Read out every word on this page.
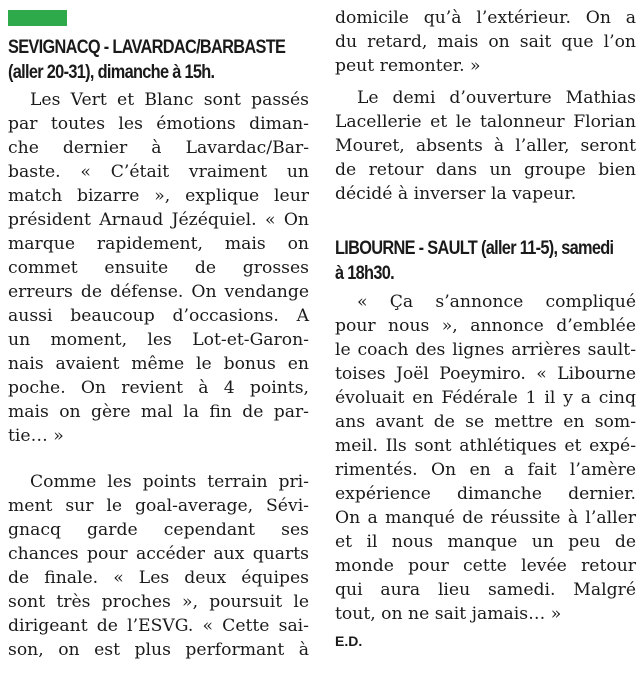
SEVIGNACQ - LAVARDAC/BARBASTE
(aller 20-31), dimanche à 15h.
Les Vert et Blanc sont passés
par toutes les émotions diman-
che dernier à Lavardac/Bar-
baste. « C’était vraiment un
match bizarre », explique leur
président Arnaud Jézéquiel. « On
marque rapidement, mais on
commet ensuite de grosses
erreurs de défense. On vendange
aussi beaucoup d’occasions. A
un moment, les Lot-et-Garon-
nais avaient même le bonus en
poche. On revient à 4 points,
mais on gère mal la fin de par-
tie… »
Comme les points terrain pri-
ment sur le goal-average, Sévi-
gnacq garde cependant ses
chances pour accéder aux quarts
de finale. « Les deux équipes
sont très proches », poursuit le
dirigeant de l’ESVG. « Cette sai-
son, on est plus performant à
domicile qu’à l’extérieur. On a
du retard, mais on sait que l’on
peut remonter. »
Le demi d’ouverture Mathias
Lacellerie et le talonneur Florian
Mouret, absents à l’aller, seront
de retour dans un groupe bien
décidé à inverser la vapeur.
LIBOURNE - SAULT (aller 11-5), samedi
à 18h30.
« Ça s’annonce compliqué
pour nous », annonce d’emblée
le coach des lignes arrières sault-
toises Joël Poeymiro. « Libourne
évoluait en Fédérale 1 il y a cinq
ans avant de se mettre en som-
meil. Ils sont athlétiques et expé-
rimentés. On en a fait l’amère
expérience dimanche dernier.
On a manqué de réussite à l’aller
et il nous manque un peu de
monde pour cette levée retour
qui aura lieu samedi. Malgré
tout, on ne sait jamais… »
E.D.
